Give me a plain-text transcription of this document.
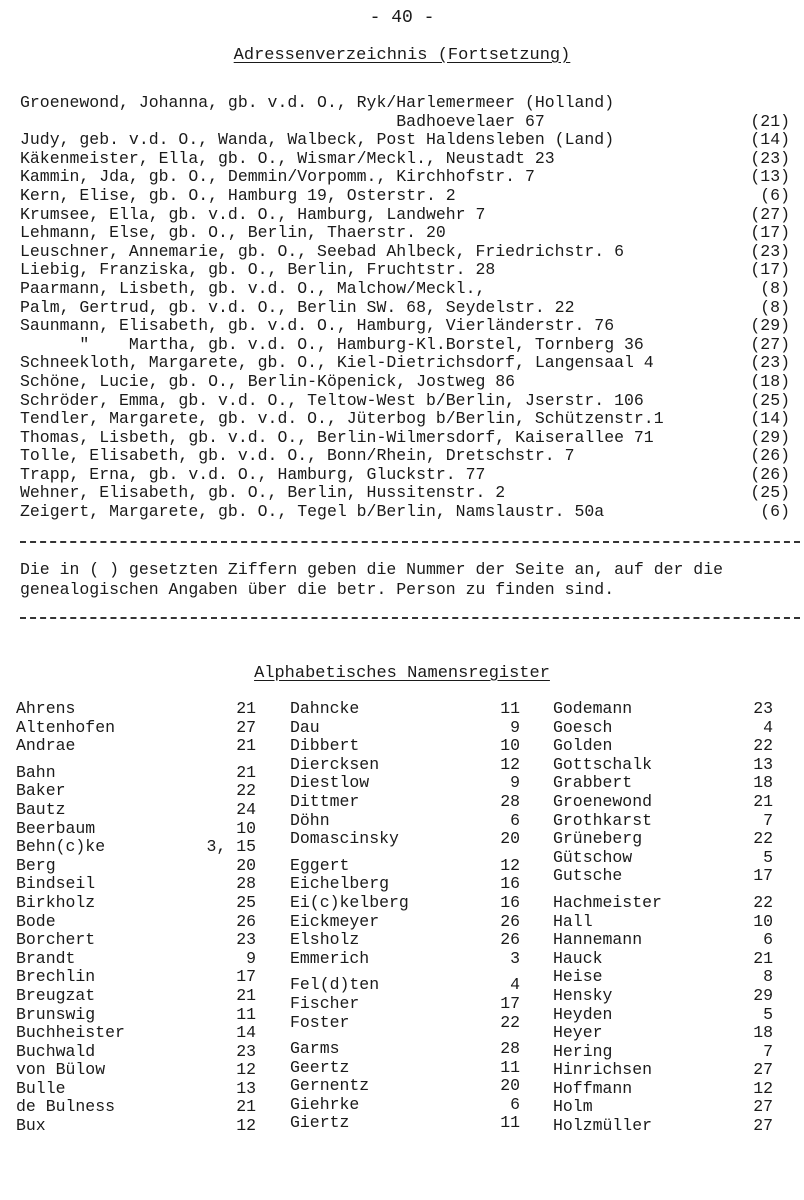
- 40 -
Adressenverzeichnis (Fortsetzung)
Groenewond, Johanna, gb. v.d. O., Ryk/Harlemermeer (Holland)
Badhoevelaer 67	(21)
Judy, geb. v.d. O., Wanda, Walbeck, Post Haldensleben (Land)	(14)
Käkenmeister, Ella, gb. O., Wismar/Meckl., Neustadt 23	(23)
Kammin, Jda, gb. O., Demmin/Vorpomm., Kirchhofstr. 7	(13)
Kern, Elise, gb. O., Hamburg 19, Osterstr. 2	(6)
Krumsee, Ella, gb. v.d. O., Hamburg, Landwehr 7	(27)
Lehmann, Else, gb. O., Berlin, Thaerstr. 20	(17)
Leuschner, Annemarie, gb. O., Seebad Ahlbeck, Friedrichstr. 6	(23)
Liebig, Franziska, gb. O., Berlin, Fruchtstr. 28	(17)
Paarmann, Lisbeth, gb. v.d. O., Malchow/Meckl.,	(8)
Palm, Gertrud, gb. v.d. O., Berlin SW. 68, Seydelstr. 22	(8)
Saunmann, Elisabeth, gb. v.d. O., Hamburg, Vierländerstr. 76	(29)
"    Martha, gb. v.d. O., Hamburg-Kl.Borstel, Tornberg 36	(27)
Schneekloth, Margarete, gb. O., Kiel-Dietrichsdorf, Langensaal 4	(23)
Schöne, Lucie, gb. O., Berlin-Köpenick, Jostweg 86	(18)
Schröder, Emma, gb. v.d. O., Teltow-West b/Berlin, Jserstr. 106	(25)
Tendler, Margarete, gb. v.d. O., Jüterbog b/Berlin, Schützenstr.1	(14)
Thomas, Lisbeth, gb. v.d. O., Berlin-Wilmersdorf, Kaiserallee 71	(29)
Tolle, Elisabeth, gb. v.d. O., Bonn/Rhein, Dretschstr. 7	(26)
Trapp, Erna, gb. v.d. O., Hamburg, Gluckstr. 77	(26)
Wehner, Elisabeth, gb. O., Berlin, Hussitenstr. 2	(25)
Zeigert, Margarete, gb. O., Tegel b/Berlin, Namslaustr. 50a	(6)
Die in ( ) gesetzten Ziffern geben die Nummer der Seite an, auf der die genealogischen Angaben über die betr. Person zu finden sind.
Alphabetisches Namensregister
Ahrens	21
Altenhofen	27
Andrae	21
Bahn	21
Baker	22
Bautz	24
Beerbaum	10
Behn(c)ke	3, 15
Berg	20
Bindseil	28
Birkholz	25
Bode	26
Borchert	23
Brandt	9
Brechlin	17
Breugzat	21
Brunswig	11
Buchheister	14
Buchwald	23
von Bülow	12
Bulle	13
de Bulness	21
Bux	12
Dahncke	11
Dau	9
Dibbert	10
Diercksen	12
Diestlow	9
Dittmer	28
Döhn	6
Domascinsky	20
Eggert	12
Eichelberg	16
Ei(c)kelberg	16
Eickmeyer	26
Elsholz	26
Emmerich	3
Fel(d)ten	4
Fischer	17
Foster	22
Garms	28
Geertz	11
Gernentz	20
Giehrke	6
Giertz	11
Godemann	23
Goesch	4
Golden	22
Gottschalk	13
Grabbert	18
Groenewond	21
Grothkarst	7
Grüneberg	22
Gütschow	5
Gutsche	17
Hachmeister	22
Hall	10
Hannemann	6
Hauck	21
Heise	8
Hensky	29
Heyden	5
Heyer	18
Hering	7
Hinrichsen	27
Hoffmann	12
Holm	27
Holzmüller	27
